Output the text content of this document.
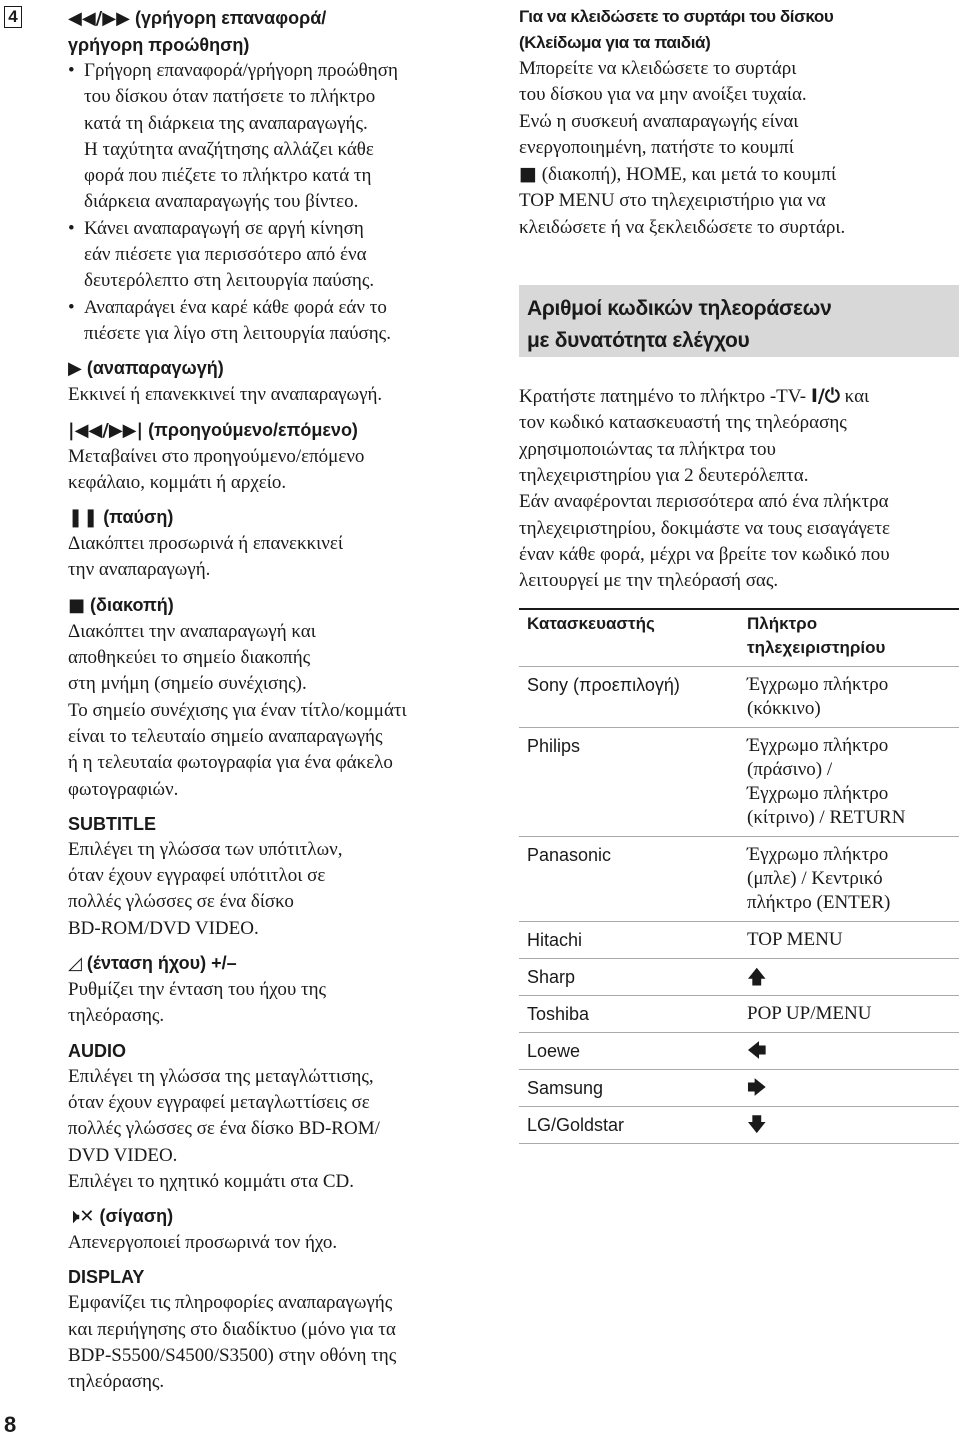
4
8
◀◀/▶▶ (γρήγορη επαναφορά/
γρήγορη προώθηση)
• Γρήγορη επαναφορά/γρήγορη προώθηση
του δίσκου όταν πατήσετε το πλήκτρο
κατά τη διάρκεια της αναπαραγωγής.
Η ταχύτητα αναζήτησης αλλάζει κάθε
φορά που πιέζετε το πλήκτρο κατά τη
διάρκεια αναπαραγωγής του βίντεο.
• Κάνει αναπαραγωγή σε αργή κίνηση
εάν πιέσετε για περισσότερο από ένα
δευτερόλεπτο στη λειτουργία παύσης.
• Αναπαράγει ένα καρέ κάθε φορά εάν το
πιέσετε για λίγο στη λειτουργία παύσης.
▶ (αναπαραγωγή)
Εκκινεί ή επανεκκινεί την αναπαραγωγή.
|◀◀/▶▶| (προηγούμενο/επόμενο)
Μεταβαίνει στο προηγούμενο/επόμενο
κεφάλαιο, κομμάτι ή αρχείο.
❚❚ (παύση)
Διακόπτει προσωρινά ή επανεκκινεί
την αναπαραγωγή.
■ (διακοπή)
Διακόπτει την αναπαραγωγή και
αποθηκεύει το σημείο διακοπής
στη μνήμη (σημείο συνέχισης).
Το σημείο συνέχισης για έναν τίτλο/κομμάτι
είναι το τελευταίο σημείο αναπαραγωγής
ή η τελευταία φωτογραφία για ένα φάκελο
φωτογραφιών.
SUBTITLE
Επιλέγει τη γλώσσα των υπότιτλων,
όταν έχουν εγγραφεί υπότιτλοι σε
πολλές γλώσσες σε ένα δίσκο
BD-ROM/DVD VIDEO.
◿ (ένταση ήχου) +/–
Ρυθμίζει την ένταση του ήχου της
τηλεόρασης.
AUDIO
Επιλέγει τη γλώσσα της μεταγλώττισης,
όταν έχουν εγγραφεί μεταγλωττίσεις σε
πολλές γλώσσες σε ένα δίσκο BD-ROM/
DVD VIDEO.
Επιλέγει το ηχητικό κομμάτι στα CD.
🕨✕ (σίγαση)
Απενεργοποιεί προσωρινά τον ήχο.
DISPLAY
Εμφανίζει τις πληροφορίες αναπαραγωγής
και περιήγησης στο διαδίκτυο (μόνο για τα
BDP-S5500/S4500/S3500) στην οθόνη της
τηλεόρασης.
Για να κλειδώσετε το συρτάρι του δίσκου
(Κλείδωμα για τα παιδιά)
Μπορείτε να κλειδώσετε το συρτάρι
του δίσκου για να μην ανοίξει τυχαία.
Ενώ η συσκευή αναπαραγωγής είναι
ενεργοποιημένη, πατήστε το κουμπί
■ (διακοπή), HOME, και μετά το κουμπί
TOP MENU στο τηλεχειριστήριο για να
κλειδώσετε ή να ξεκλειδώσετε το συρτάρι.
Αριθμοί κωδικών τηλεοράσεων
με δυνατότητα ελέγχου
Κρατήστε πατημένο το πλήκτρο -TV- I/⏻ και
τον κωδικό κατασκευαστή της τηλεόρασης
χρησιμοποιώντας τα πλήκτρα του
τηλεχειριστηρίου για 2 δευτερόλεπτα.
Εάν αναφέρονται περισσότερα από ένα πλήκτρα
τηλεχειριστηρίου, δοκιμάστε να τους εισαγάγετε
έναν κάθε φορά, μέχρι να βρείτε τον κωδικό που
λειτουργεί με την τηλεόρασή σας.
Κατασκευαστής	Πλήκτρο
τηλεχειριστηρίου
Sony (προεπιλογή)	Έγχρωμο πλήκτρο
(κόκκινο)

Philips	Έγχρωμο πλήκτρο
(πράσινο) /
Έγχρωμο πλήκτρο
(κίτρινο) / RETURN

Panasonic	Έγχρωμο πλήκτρο
(μπλε) / Κεντρικό
πλήκτρο (ENTER)

Hitachi	TOP MENU

Sharp	🡅

Toshiba	POP UP/MENU

Loewe	🡄

Samsung	🡆

LG/Goldstar	🡇
